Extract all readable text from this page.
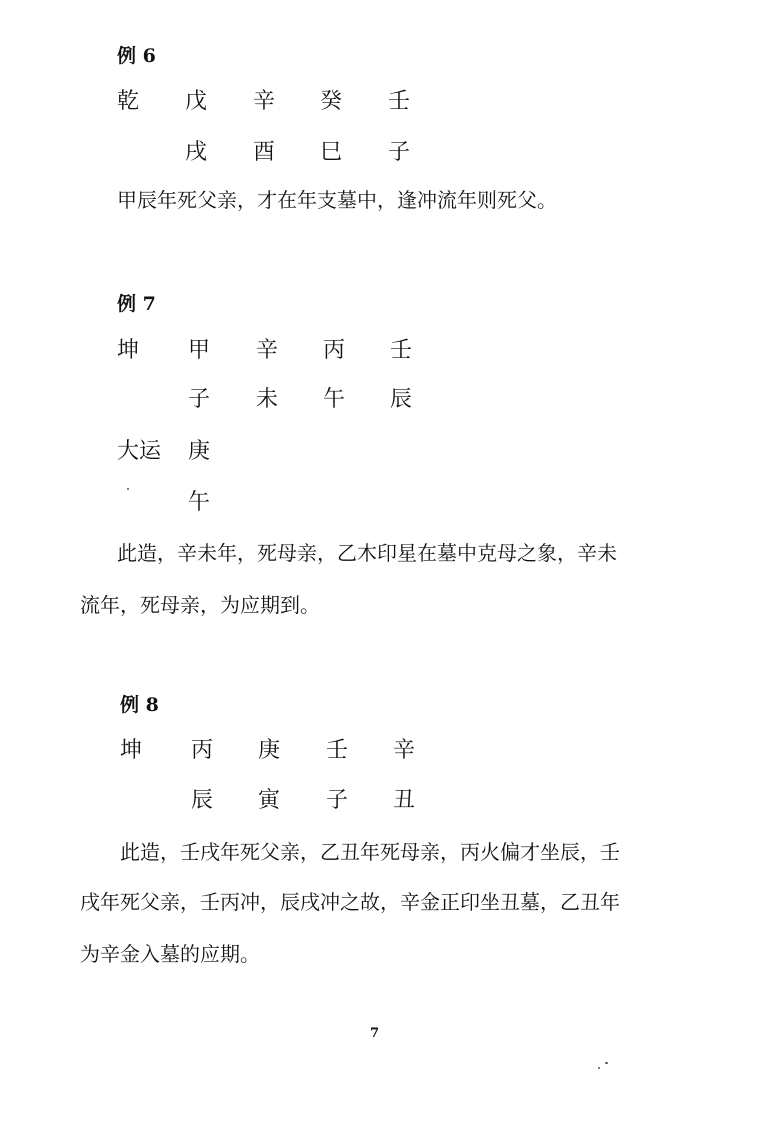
例 6
乾 戊 辛 癸 壬
戌 酉 巳 子
甲辰年死父亲，才在年支墓中，逢冲流年则死父。
例 7
坤 甲 辛 丙 壬
子 未 午 辰
大运 庚
午
此造，辛未年，死母亲，乙木印星在墓中克母之象，辛未
流年，死母亲，为应期到。
例 8
坤 丙 庚 壬 辛
辰 寅 子 丑
此造，壬戌年死父亲，乙丑年死母亲，丙火偏才坐辰，壬
戌年死父亲，壬丙冲，辰戌冲之故，辛金正印坐丑墓，乙丑年
为辛金入墓的应期。
7
